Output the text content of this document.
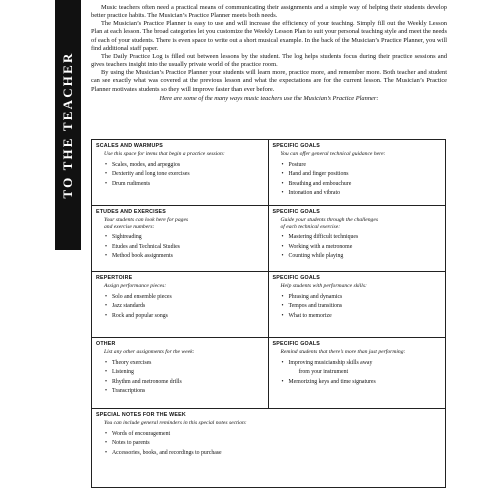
TO THE TEACHER

Music teachers often need a practical means of communicating their assignments and a simple way of helping their students develop better practice habits. The Musician’s Practice Planner meets both needs.

The Musician’s Practice Planner is easy to use and will increase the efficiency of your teaching. Simply fill out the Weekly Lesson Plan at each lesson. The broad categories let you customize the Weekly Lesson Plan to suit your personal teaching style and meet the needs of each of your students. There is even space to write out a short musical example. In the back of the Musician’s Practice Planner, you will find additional staff paper.

The Daily Practice Log is filled out between lessons by the student. The log helps students focus during their practice sessions and gives teachers insight into the usually private world of the practice room.

By using the Musician’s Practice Planner your students will learn more, practice more, and remember more. Both teacher and student can see exactly what was covered at the previous lesson and what the expectations are for the current lesson. The Musician’s Practice Planner motivates students so they will improve faster than ever before.

Here are some of the many ways music teachers use the Musician’s Practice Planner:

SCALES AND WARMUPS
Use this space for items that begin a practice session:
• Scales, modes, and arpeggios
• Dexterity and long tone exercises
• Drum rudiments
SPECIFIC GOALS
You can offer general technical guidance here:
• Posture
• Hand and finger positions
• Breathing and embouchure
• Intonation and vibrato
ETUDES AND EXERCISES
Your students can look here for pages
and exercise numbers:
• Sightreading
• Etudes and Technical Studies
• Method book assignments
SPECIFIC GOALS
Guide your students through the challenges
of each technical exercise:
• Mastering difficult techniques
• Working with a metronome
• Counting while playing
REPERTOIRE
Assign performance pieces:
• Solo and ensemble pieces
• Jazz standards
• Rock and popular songs
SPECIFIC GOALS
Help students with performance skills:
• Phrasing and dynamics
• Tempos and transitions
• What to memorize
OTHER
List any other assignments for the week:
• Theory exercises
• Listening
• Rhythm and metronome drills
• Transcriptions
SPECIFIC GOALS
Remind students that there’s more than just performing:
• Improving musicianship skills away
from your instrument
• Memorizing keys and time signatures
SPECIAL NOTES FOR THE WEEK
You can include general reminders in this special notes section:
• Words of encouragement
• Notes to parents
• Accessories, books, and recordings to purchase
